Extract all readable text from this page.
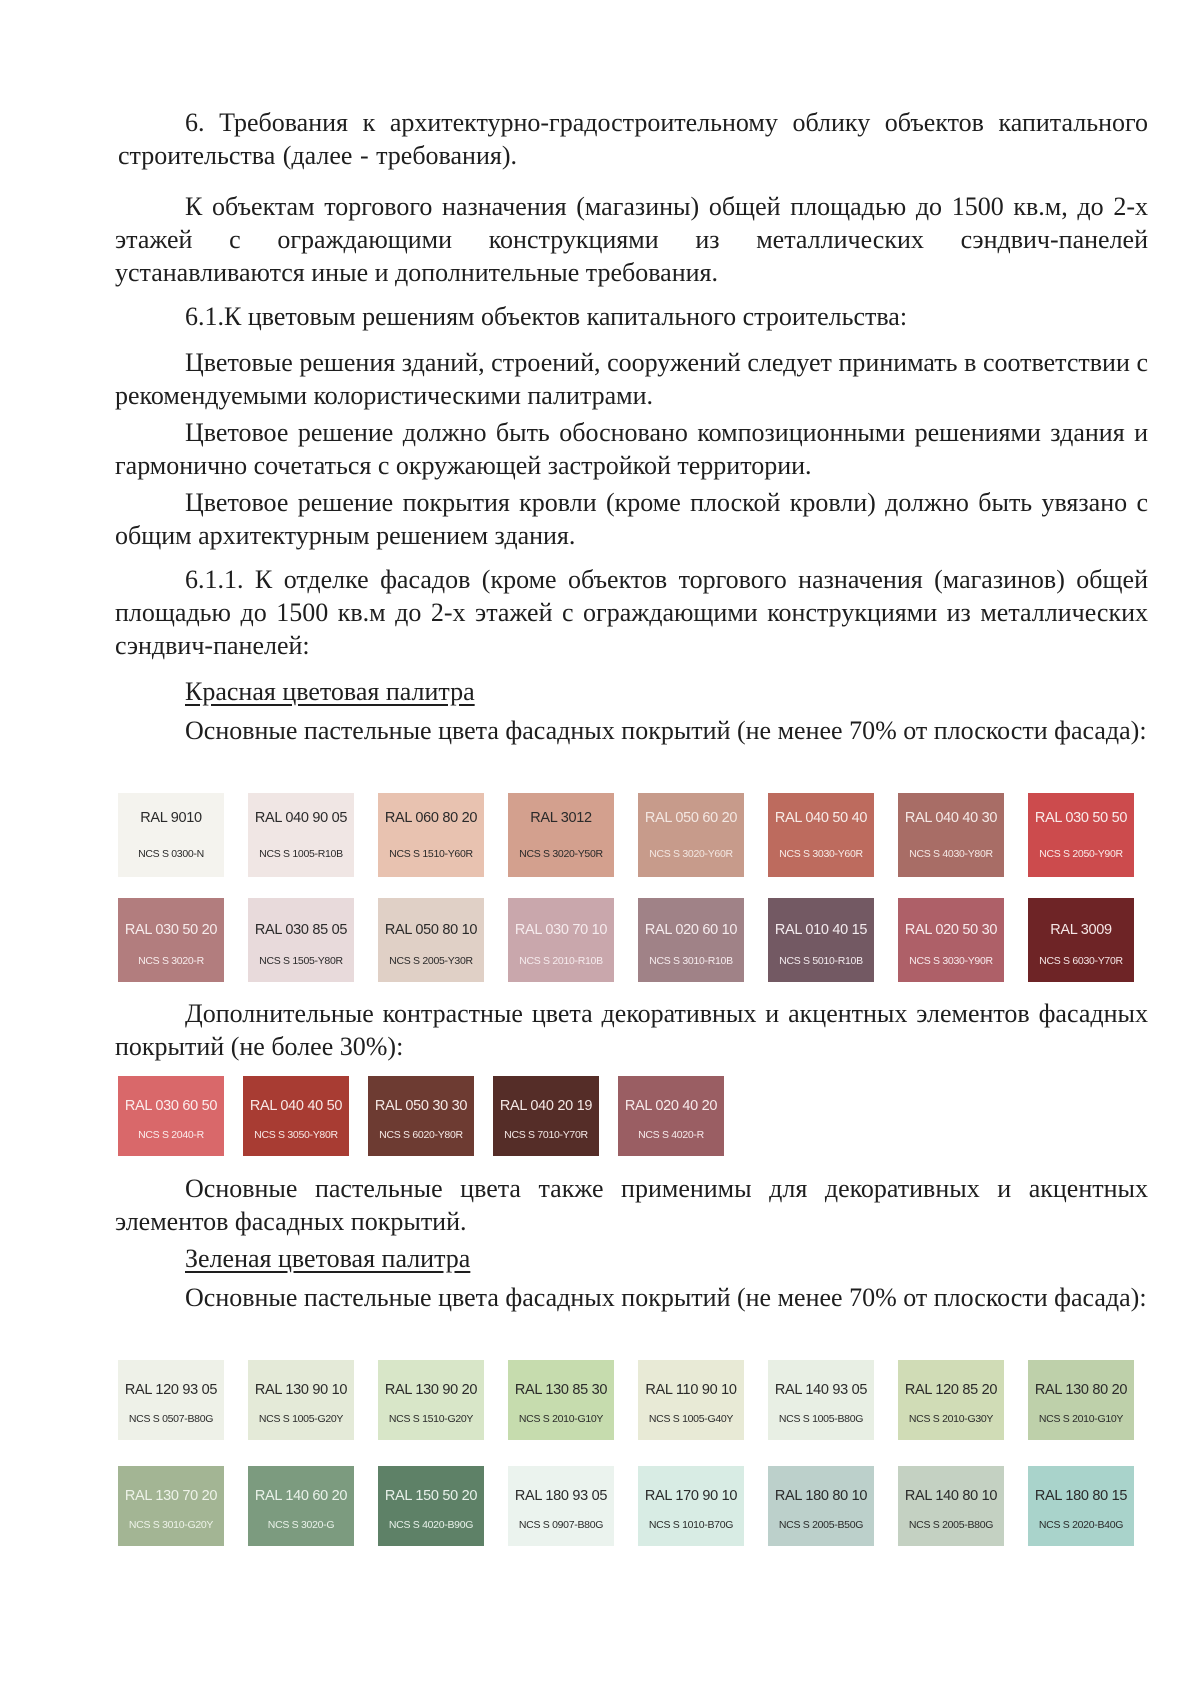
6. Требования к архитектурно-градостроительному облику объектов капитального строительства (далее - требования).

К объектам торгового назначения (магазины) общей площадью до 1500 кв.м, до 2-х этажей с ограждающими конструкциями из металлических сэндвич-панелей устанавливаются иные и дополнительные требования.

6.1.К цветовым решениям объектов капитального строительства:

Цветовые решения зданий, строений, сооружений следует принимать в соответствии с рекомендуемыми колористическими палитрами.

Цветовое решение должно быть обосновано композиционными решениями здания и гармонично сочетаться с окружающей застройкой территории.

Цветовое решение покрытия кровли (кроме плоской кровли) должно быть увязано с общим архитектурным решением здания.

6.1.1. К отделке фасадов (кроме объектов торгового назначения (магазинов) общей площадью до 1500 кв.м до 2-х этажей с ограждающими конструкциями из металлических сэндвич-панелей:

Красная цветовая палитра

Основные пастельные цвета фасадных покрытий (не менее 70% от плоскости фасада):

RAL 9010
NCS S 0300-N
RAL 040 90 05
NCS S 1005-R10B
RAL 060 80 20
NCS S 1510-Y60R
RAL 3012
NCS S 3020-Y50R
RAL 050 60 20
NCS S 3020-Y60R
RAL 040 50 40
NCS S 3030-Y60R
RAL 040 40 30
NCS S 4030-Y80R
RAL 030 50 50
NCS S 2050-Y90R
RAL 030 50 20
NCS S 3020-R
RAL 030 85 05
NCS S 1505-Y80R
RAL 050 80 10
NCS S 2005-Y30R
RAL 030 70 10
NCS S 2010-R10B
RAL 020 60 10
NCS S 3010-R10B
RAL 010 40 15
NCS S 5010-R10B
RAL 020 50 30
NCS S 3030-Y90R
RAL 3009
NCS S 6030-Y70R

Дополнительные контрастные цвета декоративных и акцентных элементов фасадных покрытий (не более 30%):

RAL 030 60 50
NCS S 2040-R
RAL 040 40 50
NCS S 3050-Y80R
RAL 050 30 30
NCS S 6020-Y80R
RAL 040 20 19
NCS S 7010-Y70R
RAL 020 40 20
NCS S 4020-R

Основные пастельные цвета также применимы для декоративных и акцентных элементов фасадных покрытий.

Зеленая цветовая палитра

Основные пастельные цвета фасадных покрытий (не менее 70% от плоскости фасада):

RAL 120 93 05
NCS S 0507-B80G
RAL 130 90 10
NCS S 1005-G20Y
RAL 130 90 20
NCS S 1510-G20Y
RAL 130 85 30
NCS S 2010-G10Y
RAL 110 90 10
NCS S 1005-G40Y
RAL 140 93 05
NCS S 1005-B80G
RAL 120 85 20
NCS S 2010-G30Y
RAL 130 80 20
NCS S 2010-G10Y
RAL 130 70 20
NCS S 3010-G20Y
RAL 140 60 20
NCS S 3020-G
RAL 150 50 20
NCS S 4020-B90G
RAL 180 93 05
NCS S 0907-B80G
RAL 170 90 10
NCS S 1010-B70G
RAL 180 80 10
NCS S 2005-B50G
RAL 140 80 10
NCS S 2005-B80G
RAL 180 80 15
NCS S 2020-B40G
